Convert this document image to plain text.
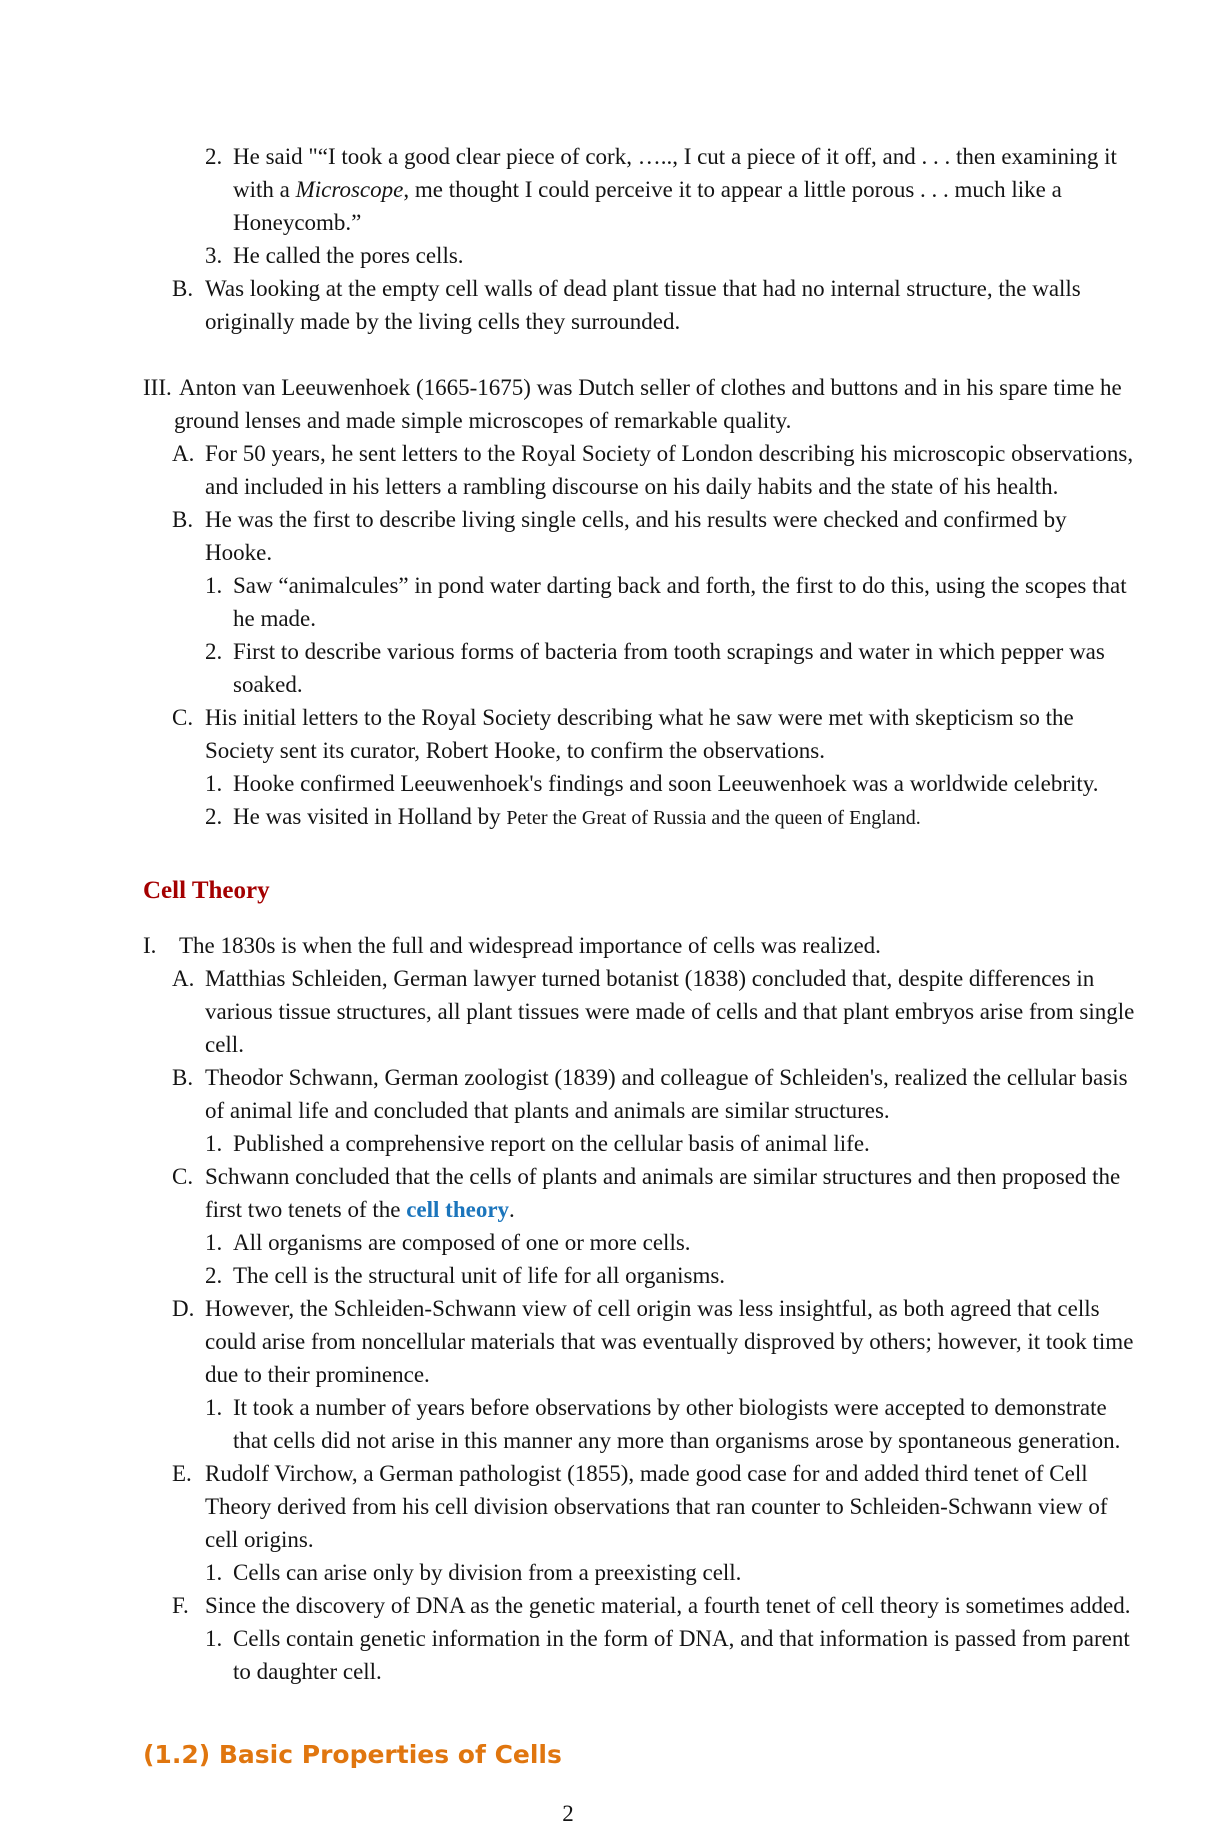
2. He said "“I took a good clear piece of cork, ….., I cut a piece of it off, and . . . then examining it with a Microscope, me thought I could perceive it to appear a little porous . . . much like a Honeycomb.”
3. He called the pores cells.
B. Was looking at the empty cell walls of dead plant tissue that had no internal structure, the walls originally made by the living cells they surrounded.
III. Anton van Leeuwenhoek (1665-1675) was Dutch seller of clothes and buttons and in his spare time he ground lenses and made simple microscopes of remarkable quality.
A. For 50 years, he sent letters to the Royal Society of London describing his microscopic observations, and included in his letters a rambling discourse on his daily habits and the state of his health.
B. He was the first to describe living single cells, and his results were checked and confirmed by Hooke.
1. Saw “animalcules” in pond water darting back and forth, the first to do this, using the scopes that he made.
2. First to describe various forms of bacteria from tooth scrapings and water in which pepper was soaked.
C. His initial letters to the Royal Society describing what he saw were met with skepticism so the Society sent its curator, Robert Hooke, to confirm the observations.
1. Hooke confirmed Leeuwenhoek's findings and soon Leeuwenhoek was a worldwide celebrity.
2. He was visited in Holland by Peter the Great of Russia and the queen of England.
Cell Theory
I. The 1830s is when the full and widespread importance of cells was realized.
A. Matthias Schleiden, German lawyer turned botanist (1838) concluded that, despite differences in various tissue structures, all plant tissues were made of cells and that plant embryos arise from single cell.
B. Theodor Schwann, German zoologist (1839) and colleague of Schleiden's, realized the cellular basis of animal life and concluded that plants and animals are similar structures.
1. Published a comprehensive report on the cellular basis of animal life.
C. Schwann concluded that the cells of plants and animals are similar structures and then proposed the first two tenets of the cell theory.
1. All organisms are composed of one or more cells.
2. The cell is the structural unit of life for all organisms.
D. However, the Schleiden-Schwann view of cell origin was less insightful, as both agreed that cells could arise from noncellular materials that was eventually disproved by others; however, it took time due to their prominence.
1. It took a number of years before observations by other biologists were accepted to demonstrate that cells did not arise in this manner any more than organisms arose by spontaneous generation.
E. Rudolf Virchow, a German pathologist (1855), made good case for and added third tenet of Cell Theory derived from his cell division observations that ran counter to Schleiden-Schwann view of cell origins.
1. Cells can arise only by division from a preexisting cell.
F. Since the discovery of DNA as the genetic material, a fourth tenet of cell theory is sometimes added.
1. Cells contain genetic information in the form of DNA, and that information is passed from parent to daughter cell.
(1.2) Basic Properties of Cells
2
